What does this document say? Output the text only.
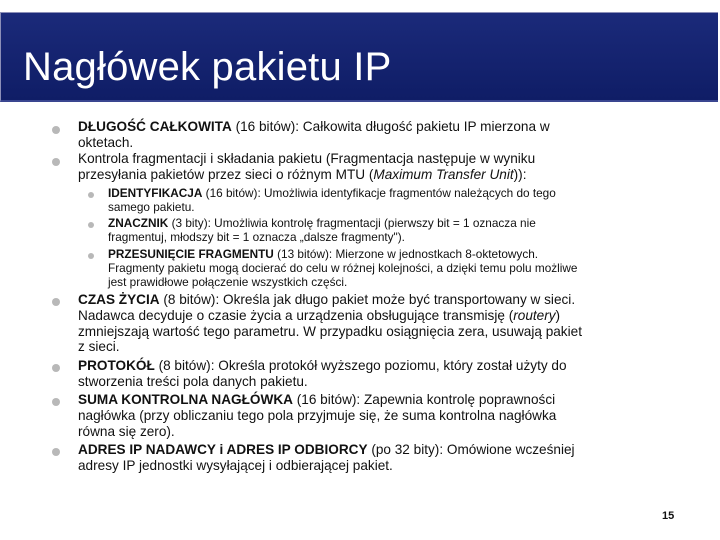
Nagłówek pakietu IP
DŁUGOŚĆ CAŁKOWITA (16 bitów): Całkowita długość pakietu IP mierzona w
oktetach.
Kontrola fragmentacji i składania pakietu (Fragmentacja następuje w wyniku
przesyłania pakietów przez sieci o różnym MTU (Maximum Transfer Unit)):
IDENTYFIKACJA (16 bitów): Umożliwia identyfikacje fragmentów należących do tego
samego pakietu.
ZNACZNIK (3 bity): Umożliwia kontrolę fragmentacji (pierwszy bit = 1 oznacza nie
fragmentuj, młodszy bit = 1 oznacza „dalsze fragmenty").
PRZESUNIĘCIE FRAGMENTU (13 bitów): Mierzone w jednostkach 8-oktetowych.
Fragmenty pakietu mogą docierać do celu w różnej kolejności, a dzięki temu polu możliwe
jest prawidłowe połączenie wszystkich części.
CZAS ŻYCIA (8 bitów): Określa jak długo pakiet może być transportowany w sieci.
Nadawca decyduje o czasie życia a urządzenia obsługujące transmisję (routery)
zmniejszają wartość tego parametru. W przypadku osiągnięcia zera, usuwają pakiet
z sieci.
PROTOKÓŁ (8 bitów): Określa protokół wyższego poziomu, który został użyty do
stworzenia treści pola danych pakietu.
SUMA KONTROLNA NAGŁÓWKA (16 bitów): Zapewnia kontrolę poprawności
nagłówka (przy obliczaniu tego pola przyjmuje się, że suma kontrolna nagłówka
równa się zero).
ADRES IP NADAWCY i ADRES IP ODBIORCY (po 32 bity): Omówione wcześniej
adresy IP jednostki wysyłającej i odbierającej pakiet.
15
